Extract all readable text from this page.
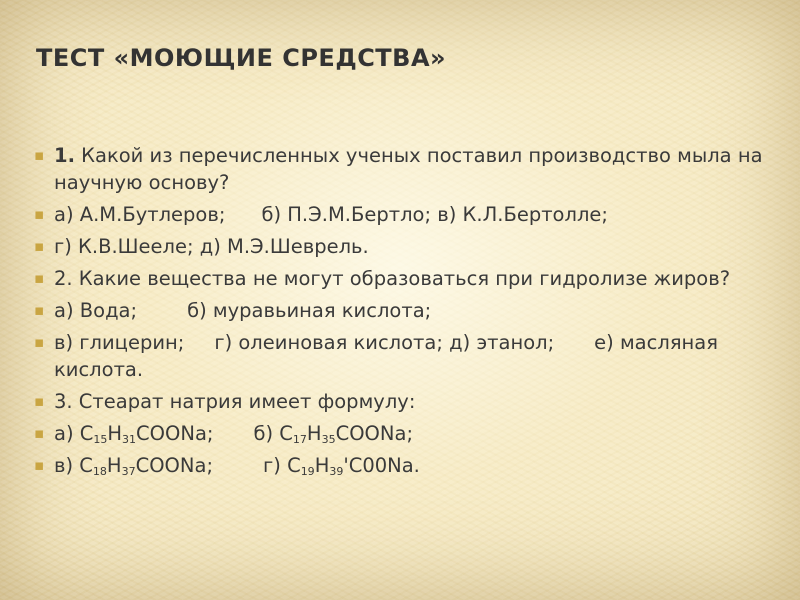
ТЕСТ «МОЮЩИЕ СРЕДСТВА»
▪ 1. Какой из перечисленных ученых поставил производство мыла на научную основу?
▪ а) А.М.Бутлеров; б) П.Э.М.Бертло; в) К.Л.Бертолле;
▪ г) К.В.Шееле; д) М.Э.Шеврель.
▪ 2. Какие вещества не могут образоваться при гидролизе жиров?
▪ а) Вода;	б) муравьиная кислота;
▪ в) глицерин; г) олеиновая кислота; д) этанол; е) масляная кислота.
▪ 3. Стеарат натрия имеет формулу:
▪ а) $С_{15}Н_{31}СООNa$; б) $С_{17}Н_{35}СООNa$;
▪ в) $С_{18}Н_{37}СООNa$;	г) $С_{19}Н_{39}'С00Na$.
